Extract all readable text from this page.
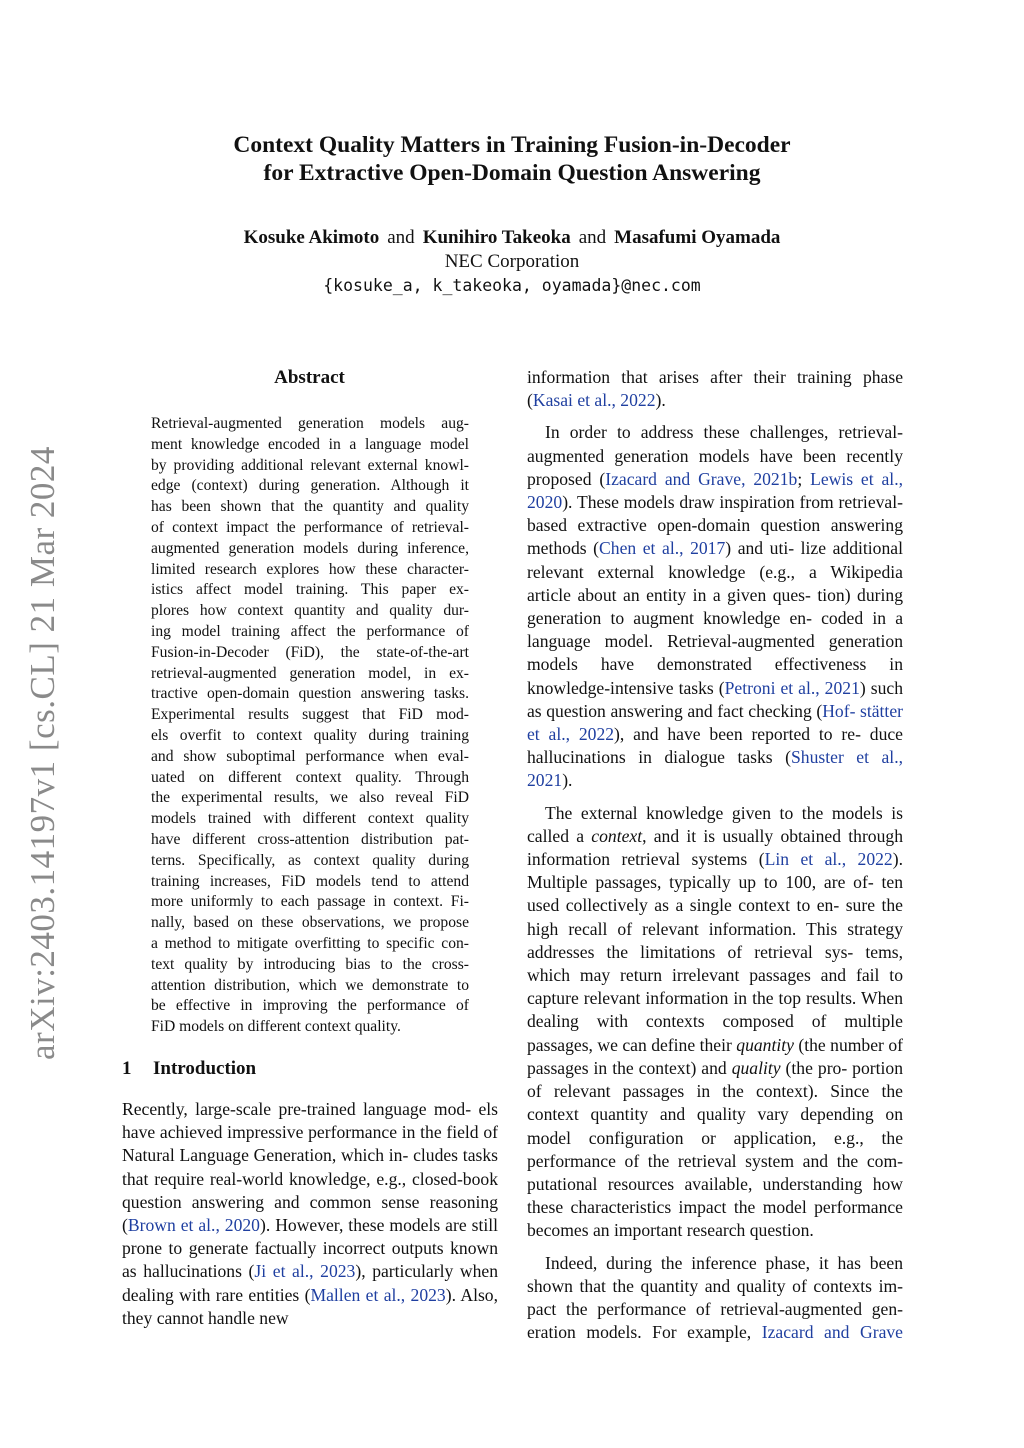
arXiv:2403.14197v1 [cs.CL] 21 Mar 2024
Context Quality Matters in Training Fusion-in-Decoder
for Extractive Open-Domain Question Answering
Kosuke Akimoto and Kunihiro Takeoka and Masafumi Oyamada
NEC Corporation
{kosuke_a, k_takeoka, oyamada}@nec.com
Abstract
Retrieval-augmented generation models aug-
ment knowledge encoded in a language model
by providing additional relevant external knowl-
edge (context) during generation. Although it
has been shown that the quantity and quality
of context impact the performance of retrieval-
augmented generation models during inference,
limited research explores how these character-
istics affect model training. This paper ex-
plores how context quantity and quality dur-
ing model training affect the performance of
Fusion-in-Decoder (FiD), the state-of-the-art
retrieval-augmented generation model, in ex-
tractive open-domain question answering tasks.
Experimental results suggest that FiD mod-
els overfit to context quality during training
and show suboptimal performance when eval-
uated on different context quality. Through
the experimental results, we also reveal FiD
models trained with different context quality
have different cross-attention distribution pat-
terns. Specifically, as context quality during
training increases, FiD models tend to attend
more uniformly to each passage in context. Fi-
nally, based on these observations, we propose
a method to mitigate overfitting to specific con-
text quality by introducing bias to the cross-
attention distribution, which we demonstrate to
be effective in improving the performance of
FiD models on different context quality.
1 Introduction
Recently, large-scale pre-trained language mod- els have achieved impressive performance in the field of Natural Language Generation, which in- cludes tasks that require real-world knowledge, e.g., closed-book question answering and common sense reasoning (Brown et al., 2020). However, these models are still prone to generate factually incorrect outputs known as hallucinations (Ji et al., 2023), particularly when dealing with rare entities (Mallen et al., 2023). Also, they cannot handle new
information that arises after their training phase (Kasai et al., 2022).
In order to address these challenges, retrieval- augmented generation models have been recently proposed (Izacard and Grave, 2021b; Lewis et al., 2020). These models draw inspiration from retrieval-based extractive open-domain question answering methods (Chen et al., 2017) and uti- lize additional relevant external knowledge (e.g., a Wikipedia article about an entity in a given ques- tion) during generation to augment knowledge en- coded in a language model. Retrieval-augmented generation models have demonstrated effectiveness in knowledge-intensive tasks (Petroni et al., 2021) such as question answering and fact checking (Hof- stätter et al., 2022), and have been reported to re- duce hallucinations in dialogue tasks (Shuster et al., 2021).
The external knowledge given to the models is called a context, and it is usually obtained through information retrieval systems (Lin et al., 2022). Multiple passages, typically up to 100, are of- ten used collectively as a single context to en- sure the high recall of relevant information. This strategy addresses the limitations of retrieval sys- tems, which may return irrelevant passages and fail to capture relevant information in the top results. When dealing with contexts composed of multiple passages, we can define their quantity (the number of passages in the context) and quality (the pro- portion of relevant passages in the context). Since the context quantity and quality vary depending on model configuration or application, e.g., the performance of the retrieval system and the com- putational resources available, understanding how these characteristics impact the model performance becomes an important research question.
Indeed, during the inference phase, it has been shown that the quantity and quality of contexts im- pact the performance of retrieval-augmented gen- eration models. For example, Izacard and Grave
